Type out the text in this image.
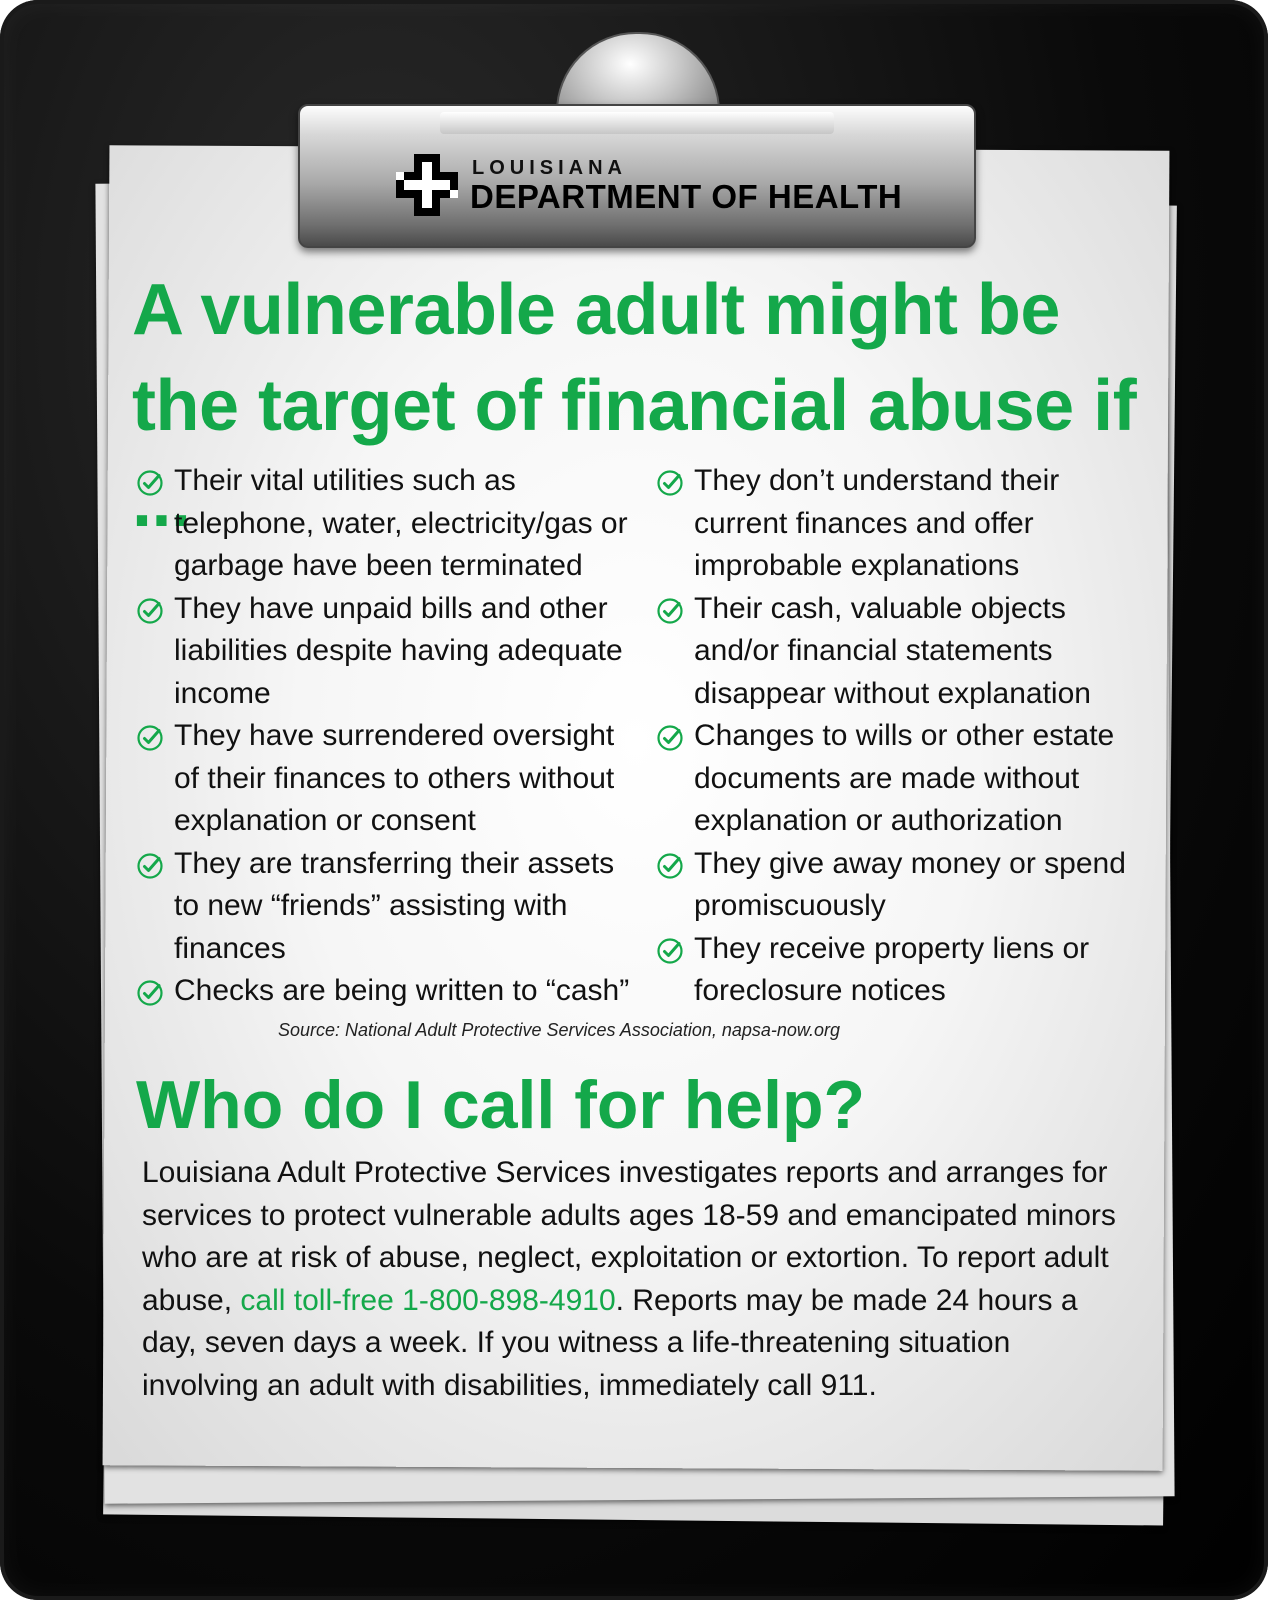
LOUISIANA
DEPARTMENT OF HEALTH
A vulnerable adult might be the target of financial abuse if ...
Their vital utilities such as telephone, water, electricity/gas or garbage have been terminated
They have unpaid bills and other liabilities despite having adequate income
They have surrendered oversight of their finances to others without explanation or consent
They are transferring their assets to new “friends” assisting with finances
Checks are being written to “cash”
They don’t understand their current finances and offer improbable explanations
Their cash, valuable objects and/or financial statements disappear without explanation
Changes to wills or other estate documents are made without explanation or authorization
They give away money or spend promiscuously
They receive property liens or foreclosure notices
Source: National Adult Protective Services Association, napsa-now.org
Who do I call for help?

Louisiana Adult Protective Services investigates reports and arranges for services to protect vulnerable adults ages 18-59 and emancipated minors who are at risk of abuse, neglect, exploitation or extortion. To report adult abuse, call toll-free 1-800-898-4910. Reports may be made 24 hours a day, seven days a week. If you witness a life-threatening situation involving an adult with disabilities, immediately call 911.
